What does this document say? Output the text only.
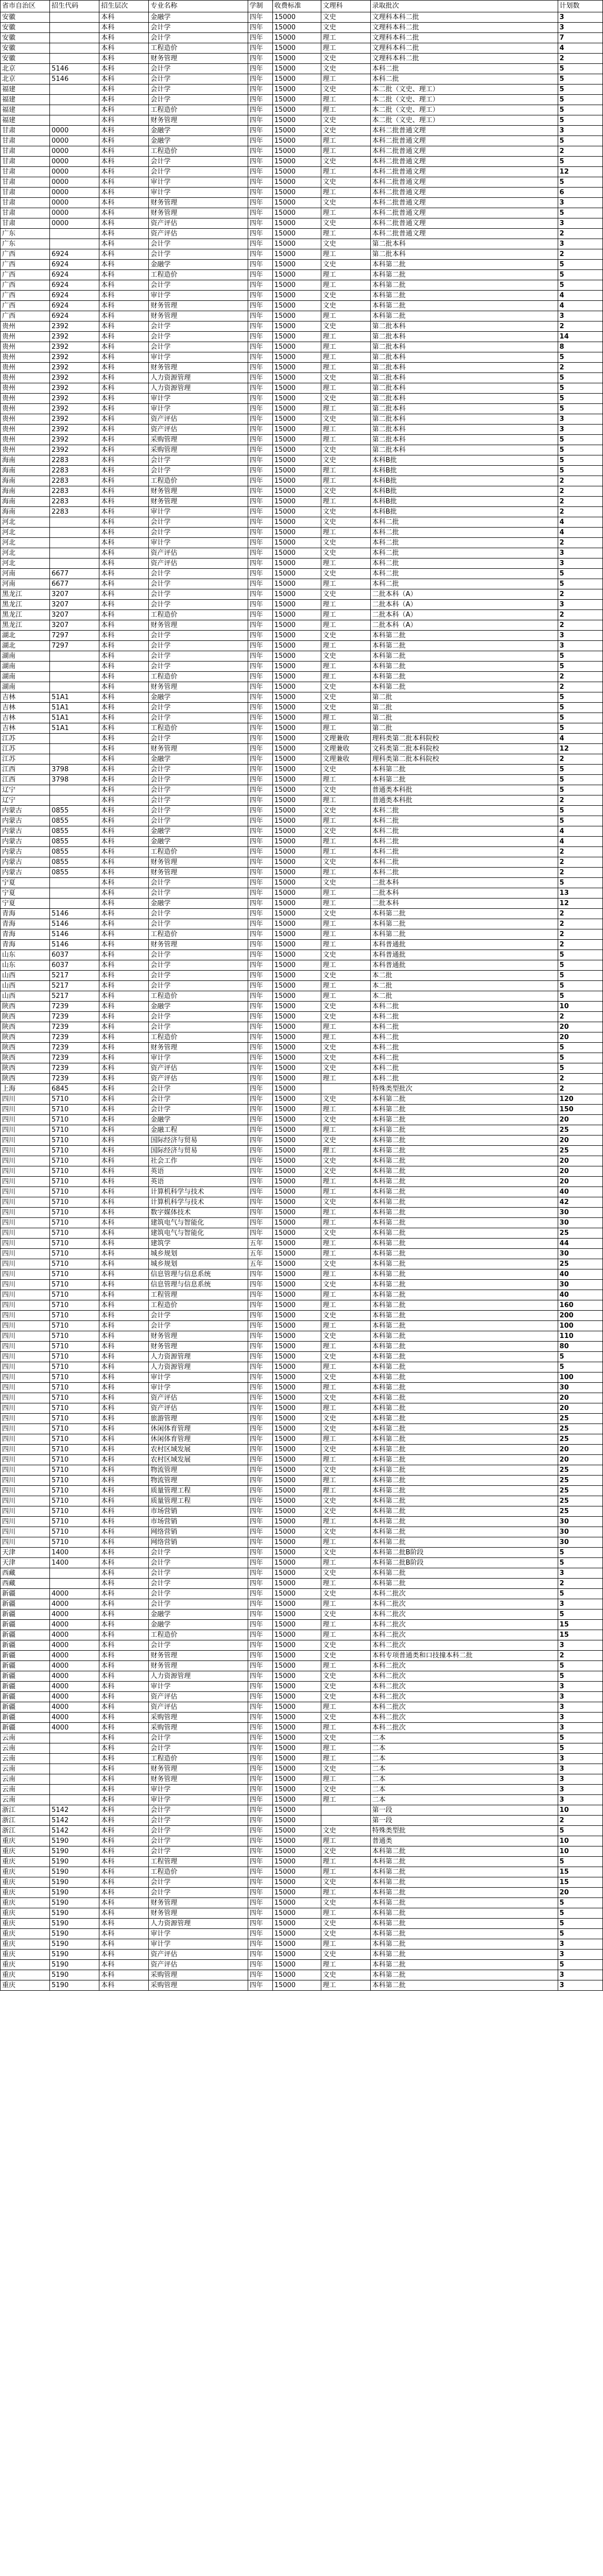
省市自治区	招生代码	招生层次	专业名称	学制	收费标准	文理科	录取批次	计划数
安徽		本科	金融学	四年	15000	文史	文理科本科二批	3
安徽		本科	会计学	四年	15000	文史	文理科本科二批	3
安徽		本科	会计学	四年	15000	理工	文理科本科二批	7
安徽		本科	工程造价	四年	15000	理工	文理科本科二批	4
安徽		本科	财务管理	四年	15000	文史	文理科本科二批	2
北京	5146	本科	会计学	四年	15000	文史	本科二批	5
北京	5146	本科	会计学	四年	15000	理工	本科二批	5
福建		本科	会计学	四年	15000	文史	本二批（文史、理工）	5
福建		本科	会计学	四年	15000	理工	本二批（文史、理工）	5
福建		本科	工程造价	四年	15000	理工	本二批（文史、理工）	5
福建		本科	财务管理	四年	15000	文史	本二批（文史、理工）	5
甘肃	0000	本科	金融学	四年	15000	文史	本科二批普通文理	3
甘肃	0000	本科	金融学	四年	15000	理工	本科二批普通文理	5
甘肃	0000	本科	工程造价	四年	15000	理工	本科二批普通文理	2
甘肃	0000	本科	会计学	四年	15000	文史	本科二批普通文理	5
甘肃	0000	本科	会计学	四年	15000	理工	本科二批普通文理	12
甘肃	0000	本科	审计学	四年	15000	文史	本科二批普通文理	5
甘肃	0000	本科	审计学	四年	15000	理工	本科二批普通文理	6
甘肃	0000	本科	财务管理	四年	15000	文史	本科二批普通文理	3
甘肃	0000	本科	财务管理	四年	15000	理工	本科二批普通文理	5
甘肃	0000	本科	资产评估	四年	15000	文史	本科二批普通文理	3
广东		本科	资产评估	四年	15000	理工	本科二批普通文理	2
广东		本科	会计学	四年	15000	文史	第二批本科	3
广西	6924	本科	会计学	四年	15000	理工	第二批本科	2
广西	6924	本科	金融学	四年	15000	文史	本科第二批	5
广西	6924	本科	工程造价	四年	15000	理工	本科第二批	5
广西	6924	本科	会计学	四年	15000	理工	本科第二批	5
广西	6924	本科	审计学	四年	15000	文史	本科第二批	4
广西	6924	本科	财务管理	四年	15000	文史	本科第二批	4
广西	6924	本科	财务管理	四年	15000	理工	本科第二批	3
贵州	2392	本科	会计学	四年	15000	文史	第二批本科	2
贵州	2392	本科	会计学	四年	15000	理工	第二批本科	14
贵州	2392	本科	会计学	四年	15000	理工	第二批本科	8
贵州	2392	本科	审计学	四年	15000	理工	第二批本科	5
贵州	2392	本科	财务管理	四年	15000	理工	第二批本科	2
贵州	2392	本科	人力资源管理	四年	15000	文史	第二批本科	5
贵州	2392	本科	人力资源管理	四年	15000	理工	第二批本科	5
贵州	2392	本科	审计学	四年	15000	文史	第二批本科	5
贵州	2392	本科	审计学	四年	15000	理工	第二批本科	5
贵州	2392	本科	资产评估	四年	15000	文史	第二批本科	3
贵州	2392	本科	资产评估	四年	15000	理工	第二批本科	3
贵州	2392	本科	采购管理	四年	15000	理工	第二批本科	5
贵州	2392	本科	采购管理	四年	15000	文史	第二批本科	5
海南	2283	本科	会计学	四年	15000	文史	本科B批	5
海南	2283	本科	会计学	四年	15000	理工	本科B批	5
海南	2283	本科	工程造价	四年	15000	理工	本科B批	2
海南	2283	本科	财务管理	四年	15000	文史	本科B批	2
海南	2283	本科	财务管理	四年	15000	理工	本科B批	2
海南	2283	本科	审计学	四年	15000	文史	本科B批	2
河北		本科	会计学	四年	15000	文史	本科二批	4
河北		本科	会计学	四年	15000	理工	本科二批	4
河北		本科	审计学	四年	15000	文史	本科二批	2
河北		本科	资产评估	四年	15000	文史	本科二批	3
河北		本科	资产评估	四年	15000	理工	本科二批	3
河南	6677	本科	会计学	四年	15000	文史	本科二批	5
河南	6677	本科	会计学	四年	15000	理工	本科二批	5
黑龙江	3207	本科	会计学	四年	15000	文史	二批本科（A）	2
黑龙江	3207	本科	会计学	四年	15000	理工	二批本科（A）	3
黑龙江	3207	本科	工程造价	四年	15000	理工	二批本科（A）	2
黑龙江	3207	本科	财务管理	四年	15000	理工	二批本科（A）	2
湖北	7297	本科	会计学	四年	15000	文史	本科第二批	3
湖北	7297	本科	会计学	四年	15000	理工	本科第二批	3
湖南		本科	会计学	四年	15000	文史	本科第二批	5
湖南		本科	会计学	四年	15000	理工	本科第二批	5
湖南		本科	工程造价	四年	15000	理工	本科第二批	2
湖南		本科	财务管理	四年	15000	文史	本科第二批	2
吉林	51A1	本科	金融学	四年	15000	文史	第二批	5
吉林	51A1	本科	会计学	四年	15000	文史	第二批	5
吉林	51A1	本科	会计学	四年	15000	理工	第二批	5
吉林	51A1	本科	工程造价	四年	15000	理工	第二批	5
江苏		本科	会计学	四年	15000	文理兼收	理科类第二批本科院校	4
江苏		本科	财务管理	四年	15000	文理兼收	文科类第二批本科院校	12
江苏		本科	金融学	四年	15000	文理兼收	理科类第二批本科院校	2
江西	3798	本科	会计学	四年	15000	文史	本科第二批	5
江西	3798	本科	会计学	四年	15000	理工	本科第二批	5
辽宁		本科	会计学	四年	15000	文史	普通类本科批	5
辽宁		本科	会计学	四年	15000	理工	普通类本科批	2
内蒙古	0855	本科	会计学	四年	15000	文史	本科二批	5
内蒙古	0855	本科	会计学	四年	15000	理工	本科二批	5
内蒙古	0855	本科	金融学	四年	15000	文史	本科二批	4
内蒙古	0855	本科	金融学	四年	15000	理工	本科二批	4
内蒙古	0855	本科	工程造价	四年	15000	理工	本科二批	2
内蒙古	0855	本科	财务管理	四年	15000	文史	本科二批	2
内蒙古	0855	本科	财务管理	四年	15000	理工	本科二批	2
宁夏		本科	会计学	四年	15000	文史	二批本科	5
宁夏		本科	会计学	四年	15000	理工	二批本科	13
宁夏		本科	金融学	四年	15000	理工	二批本科	12
青海	5146	本科	会计学	四年	15000	文史	本科第二批	2
青海	5146	本科	会计学	四年	15000	理工	本科第二批	2
青海	5146	本科	工程造价	四年	15000	理工	本科第二批	2
青海	5146	本科	财务管理	四年	15000	理工	本科普通批	2
山东	6037	本科	会计学	四年	15000	文史	本科普通批	5
山东	6037	本科	会计学	四年	15000	理工	本科普通批	5
山西	5217	本科	会计学	四年	15000	文史	本二批	5
山西	5217	本科	会计学	四年	15000	理工	本二批	5
山西	5217	本科	工程造价	四年	15000	理工	本二批	5
陕西	7239	本科	金融学	四年	15000	文史	本科二批	10
陕西	7239	本科	会计学	四年	15000	文史	本科二批	2
陕西	7239	本科	会计学	四年	15000	理工	本科二批	20
陕西	7239	本科	工程造价	四年	15000	理工	本科二批	20
陕西	7239	本科	财务管理	四年	15000	文史	本科二批	5
陕西	7239	本科	审计学	四年	15000	文史	本科二批	5
陕西	7239	本科	资产评估	四年	15000	文史	本科二批	5
陕西	7239	本科	资产评估	四年	15000	理工	本科二批	2
上海	6845	本科	会计学	四年	15000		特殊类型批次	2
四川	5710	本科	会计学	四年	15000	文史	本科第二批	120
四川	5710	本科	会计学	四年	15000	理工	本科第二批	150
四川	5710	本科	金融学	四年	15000	文史	本科第二批	20
四川	5710	本科	金融工程	四年	15000	理工	本科第二批	25
四川	5710	本科	国际经济与贸易	四年	15000	文史	本科第二批	20
四川	5710	本科	国际经济与贸易	四年	15000	理工	本科第二批	25
四川	5710	本科	社会工作	四年	15000	文史	本科第二批	20
四川	5710	本科	英语	四年	15000	文史	本科第二批	20
四川	5710	本科	英语	四年	15000	理工	本科第二批	20
四川	5710	本科	计算机科学与技术	四年	15000	理工	本科第二批	40
四川	5710	本科	计算机科学与技术	四年	15000	文史	本科第二批	42
四川	5710	本科	数字媒体技术	四年	15000	理工	本科第二批	30
四川	5710	本科	建筑电气与智能化	四年	15000	理工	本科第二批	30
四川	5710	本科	建筑电气与智能化	四年	15000	文史	本科第二批	25
四川	5710	本科	建筑学	五年	15000	理工	本科第二批	44
四川	5710	本科	城乡规划	五年	15000	理工	本科第二批	30
四川	5710	本科	城乡规划	五年	15000	文史	本科第二批	25
四川	5710	本科	信息管理与信息系统	四年	15000	理工	本科第二批	40
四川	5710	本科	信息管理与信息系统	四年	15000	文史	本科第二批	30
四川	5710	本科	工程管理	四年	15000	理工	本科第二批	40
四川	5710	本科	工程造价	四年	15000	理工	本科第二批	160
四川	5710	本科	会计学	四年	15000	文史	本科第二批	200
四川	5710	本科	会计学	四年	15000	理工	本科第二批	100
四川	5710	本科	财务管理	四年	15000	文史	本科第二批	110
四川	5710	本科	财务管理	四年	15000	理工	本科第二批	80
四川	5710	本科	人力资源管理	四年	15000	文史	本科第二批	5
四川	5710	本科	人力资源管理	四年	15000	理工	本科第二批	5
四川	5710	本科	审计学	四年	15000	文史	本科第二批	100
四川	5710	本科	审计学	四年	15000	理工	本科第二批	30
四川	5710	本科	资产评估	四年	15000	文史	本科第二批	20
四川	5710	本科	资产评估	四年	15000	理工	本科第二批	20
四川	5710	本科	旅游管理	四年	15000	文史	本科第二批	25
四川	5710	本科	休闲体育管理	四年	15000	文史	本科第二批	25
四川	5710	本科	休闲体育管理	四年	15000	理工	本科第二批	25
四川	5710	本科	农村区域发展	四年	15000	文史	本科第二批	20
四川	5710	本科	农村区域发展	四年	15000	理工	本科第二批	20
四川	5710	本科	物流管理	四年	15000	文史	本科第二批	25
四川	5710	本科	物流管理	四年	15000	理工	本科第二批	25
四川	5710	本科	质量管理工程	四年	15000	理工	本科第二批	25
四川	5710	本科	质量管理工程	四年	15000	文史	本科第二批	25
四川	5710	本科	市场营销	四年	15000	文史	本科第二批	25
四川	5710	本科	市场营销	四年	15000	理工	本科第二批	30
四川	5710	本科	网络营销	四年	15000	文史	本科第二批	30
四川	5710	本科	网络营销	四年	15000	理工	本科第二批	30
天津	1400	本科	会计学	四年	15000	文史	本科第二批B阶段	5
天津	1400	本科	会计学	四年	15000	理工	本科第二批B阶段	5
西藏		本科	会计学	四年	15000	文史	本科第二批	3
西藏		本科	会计学	四年	15000	理工	本科第二批	2
新疆	4000	本科	会计学	四年	15000	文史	本科二批次	5
新疆	4000	本科	会计学	四年	15000	理工	本科二批次	3
新疆	4000	本科	金融学	四年	15000	文史	本科二批次	5
新疆	4000	本科	金融学	四年	15000	理工	本科二批次	15
新疆	4000	本科	工程造价	四年	15000	理工	本科二批次	15
新疆	4000	本科	会计学	四年	15000	文史	本科二批次	3
新疆	4000	本科	财务管理	四年	15000	文史	本科专项普通类和口技撞本科二批	2
新疆	4000	本科	财务管理	四年	15000	理工	本科二批次	5
新疆	4000	本科	人力资源管理	四年	15000	文史	本科二批次	5
新疆	4000	本科	审计学	四年	15000	文史	本科二批次	3
新疆	4000	本科	资产评估	四年	15000	文史	本科二批次	3
新疆	4000	本科	资产评估	四年	15000	理工	本科二批次	3
新疆	4000	本科	采购管理	四年	15000	文史	本科二批次	3
新疆	4000	本科	采购管理	四年	15000	理工	本科二批次	3
云南		本科	会计学	四年	15000	文史	二本	5
云南		本科	会计学	四年	15000	理工	二本	5
云南		本科	工程造价	四年	15000	理工	二本	3
云南		本科	财务管理	四年	15000	文史	二本	3
云南		本科	财务管理	四年	15000	理工	二本	3
云南		本科	审计学	四年	15000	文史	二本	3
云南		本科	审计学	四年	15000	理工	二本	3
浙江	5142	本科	会计学	四年	15000		第一段	10
浙江	5142	本科	会计学	四年	15000		第一段	2
浙江	5142	本科	会计学	四年	15000	文史	特殊类型批	5
重庆	5190	本科	会计学	四年	15000	理工	普通类	10
重庆	5190	本科	会计学	四年	15000	文史	本科第二批	10
重庆	5190	本科	工程管理	四年	15000	理工	本科第二批	5
重庆	5190	本科	工程造价	四年	15000	理工	本科第二批	15
重庆	5190	本科	会计学	四年	15000	文史	本科第二批	15
重庆	5190	本科	会计学	四年	15000	理工	本科第二批	20
重庆	5190	本科	财务管理	四年	15000	文史	本科第二批	5
重庆	5190	本科	财务管理	四年	15000	理工	本科第二批	5
重庆	5190	本科	人力资源管理	四年	15000	文史	本科第二批	5
重庆	5190	本科	审计学	四年	15000	文史	本科第二批	5
重庆	5190	本科	审计学	四年	15000	理工	本科第二批	3
重庆	5190	本科	资产评估	四年	15000	文史	本科第二批	3
重庆	5190	本科	资产评估	四年	15000	理工	本科第二批	5
重庆	5190	本科	采购管理	四年	15000	文史	本科第二批	3
重庆	5190	本科	采购管理	四年	15000	理工	本科第二批	3
